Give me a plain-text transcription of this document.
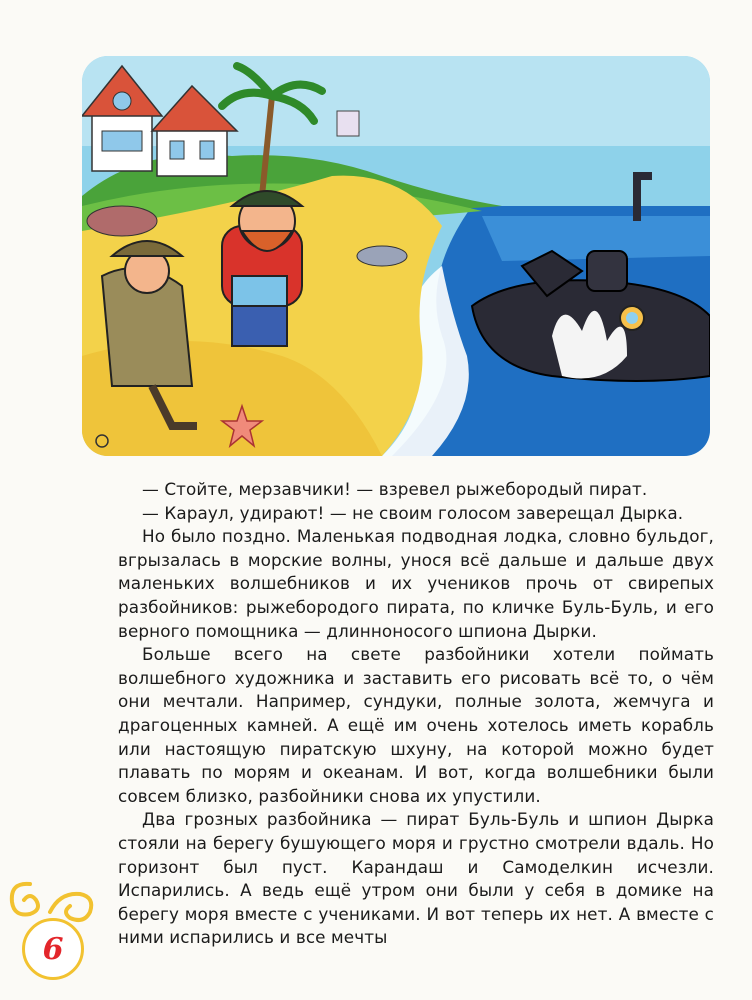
— Стойте, мерзавчики! — взревел рыжебородый пират.

— Караул, удирают! — не своим голосом заверещал Дырка.

Но было поздно. Маленькая подводная лодка, словно бульдог, вгрызалась в морские волны, унося всё дальше и дальше двух маленьких волшебников и их учеников прочь от свирепых разбойников: рыжебородого пирата, по кличке Буль-Буль, и его верного помощника — длинноносого шпиона Дырки.

Больше всего на свете разбойники хотели поймать волшебного художника и заставить его рисовать всё то, о чём они мечтали. Например, сундуки, полные золота, жемчуга и драгоценных камней. А ещё им очень хотелось иметь корабль или настоящую пиратскую шхуну, на которой можно будет плавать по морям и океанам. И вот, когда волшебники были совсем близко, разбойники снова их упустили.

Два грозных разбойника — пират Буль-Буль и шпион Дырка стояли на берегу бушующего моря и грустно смотрели вдаль. Но горизонт был пуст. Карандаш и Самоделкин исчезли. Испарились. А ведь ещё утром они были у себя в домике на берегу моря вместе с учениками. И вот теперь их нет. А вместе с ними испарились и все мечты

6
